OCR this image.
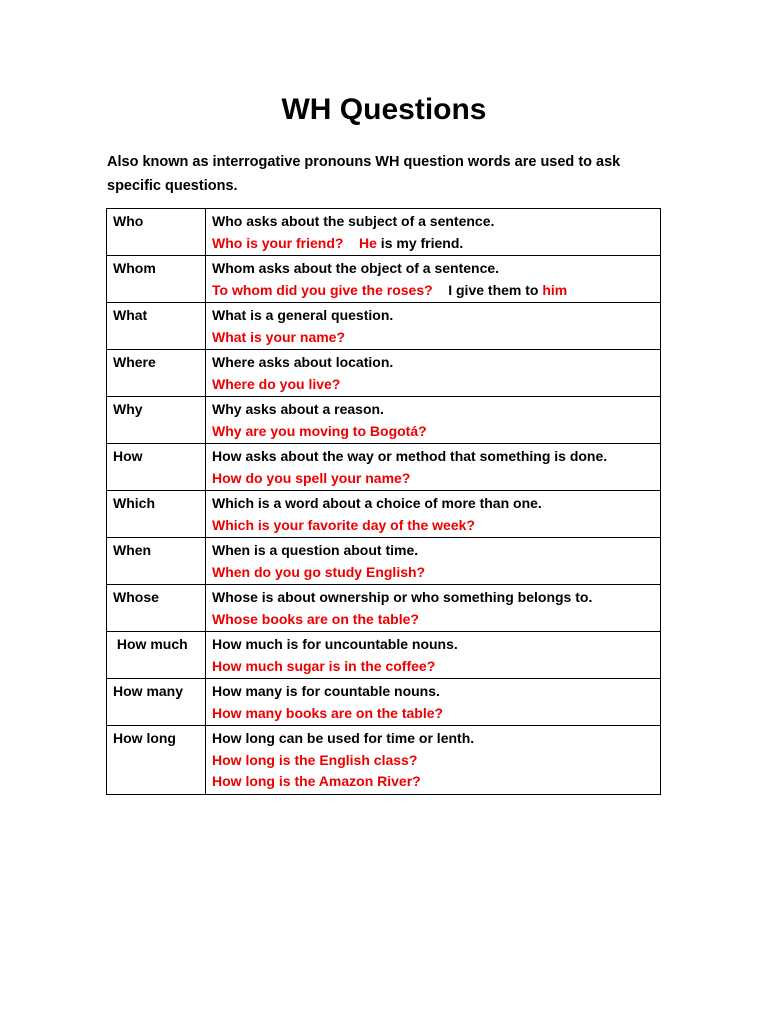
WH Questions

Also known as interrogative pronouns WH question words are used to ask specific questions.

Who	Who asks about the subject of a sentence.
Who is your friend? He is my friend.

Whom	Whom asks about the object of a sentence.
To whom did you give the roses? I give them to him

What	What is a general question.
What is your name?

Where	Where asks about location.
Where do you live?

Why	Why asks about a reason.
Why are you moving to Bogotá?

How	How asks about the way or method that something is done.
How do you spell your name?

Which	Which is a word about a choice of more than one.
Which is your favorite day of the week?

When	When is a question about time.
When do you go study English?

Whose	Whose is about ownership or who something belongs to.
Whose books are on the table?

How much	How much is for uncountable nouns.
How much sugar is in the coffee?

How many	How many is for countable nouns.
How many books are on the table?

How long	How long can be used for time or lenth.
How long is the English class?
How long is the Amazon River?
